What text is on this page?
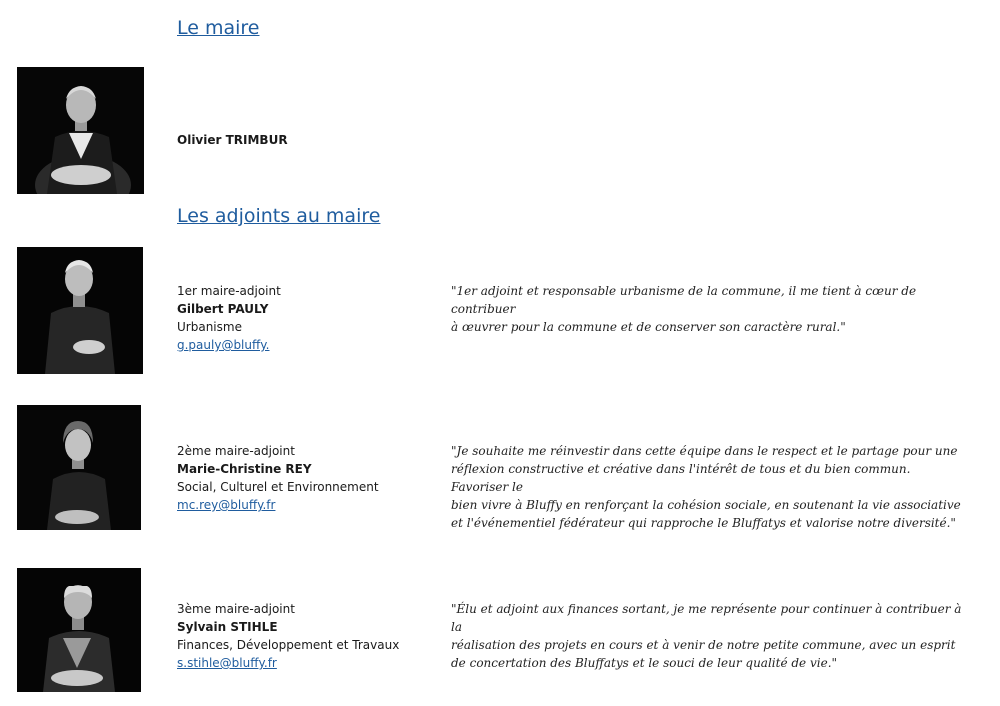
Le maire
Olivier TRIMBUR
Les adjoints au maire
1er maire-adjoint
Gilbert PAULY
Urbanisme
g.pauly@bluffy.
"1er adjoint et responsable urbanisme de la commune, il me tient à cœur de contribuer
à œuvrer pour la commune et de conserver son caractère rural."
2ème maire-adjoint
Marie-Christine REY
Social, Culturel et Environnement
mc.rey@bluffy.fr
"Je souhaite me réinvestir dans cette équipe dans le respect et le partage pour une
réflexion constructive et créative dans l'intérêt de tous et du bien commun. Favoriser le
bien vivre à Bluffy en renforçant la cohésion sociale, en soutenant la vie associative
et l'événementiel fédérateur qui rapproche le Bluffatys et valorise notre diversité."
3ème maire-adjoint
Sylvain STIHLE
Finances, Développement et Travaux
s.stihle@bluffy.fr
"Élu et adjoint aux finances sortant, je me représente pour continuer à contribuer à la
réalisation des projets en cours et à venir de notre petite commune, avec un esprit
de concertation des Bluffatys et le souci de leur qualité de vie."
